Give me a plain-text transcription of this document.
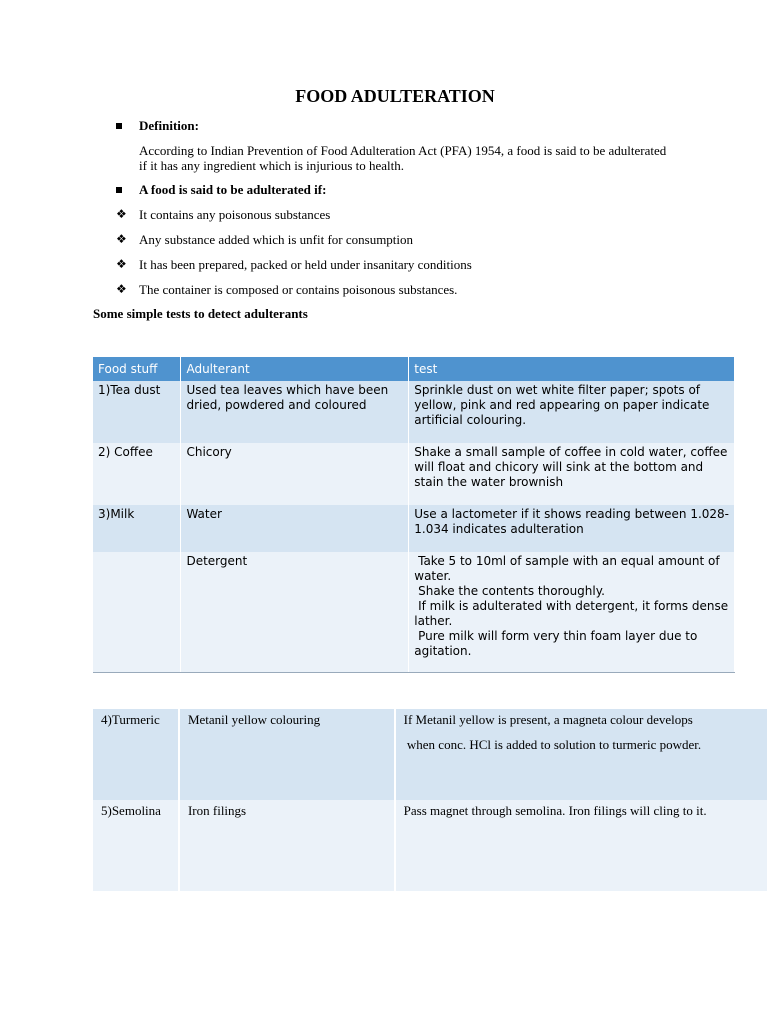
FOOD ADULTERATION
Definition:
According to Indian Prevention of Food Adulteration Act (PFA) 1954, a food is said to be adulterated
if it has any ingredient which is injurious to health.
A food is said to be adulterated if:
❖ It contains any poisonous substances
❖ Any substance added which is unfit for consumption
❖ It has been prepared, packed or held under insanitary conditions
❖ The container is composed or contains poisonous substances.
Some simple tests to detect adulterants
Food stuff	Adulterant	test
1)Tea dust	Used tea leaves which have been dried, powdered and coloured	Sprinkle dust on wet white filter paper; spots of yellow, pink and red appearing on paper indicate artificial colouring.
2) Coffee	Chicory	Shake a small sample of coffee in cold water, coffee will float and chicory will sink at the bottom and stain the water brownish
3)Milk	Water	Use a lactometer if it shows reading between 1.028-1.034 indicates adulteration
	Detergent	Take 5 to 10ml of sample with an equal amount of water.
Shake the contents thoroughly.
If milk is adulterated with detergent, it forms dense lather.
Pure milk will form very thin foam layer due to agitation.
4)Turmeric	Metanil yellow colouring	If Metanil yellow is present, a magneta colour develops

when conc. HCl is added to solution to turmeric powder.

5)Semolina	Iron filings	Pass magnet through semolina. Iron filings will cling to it.
